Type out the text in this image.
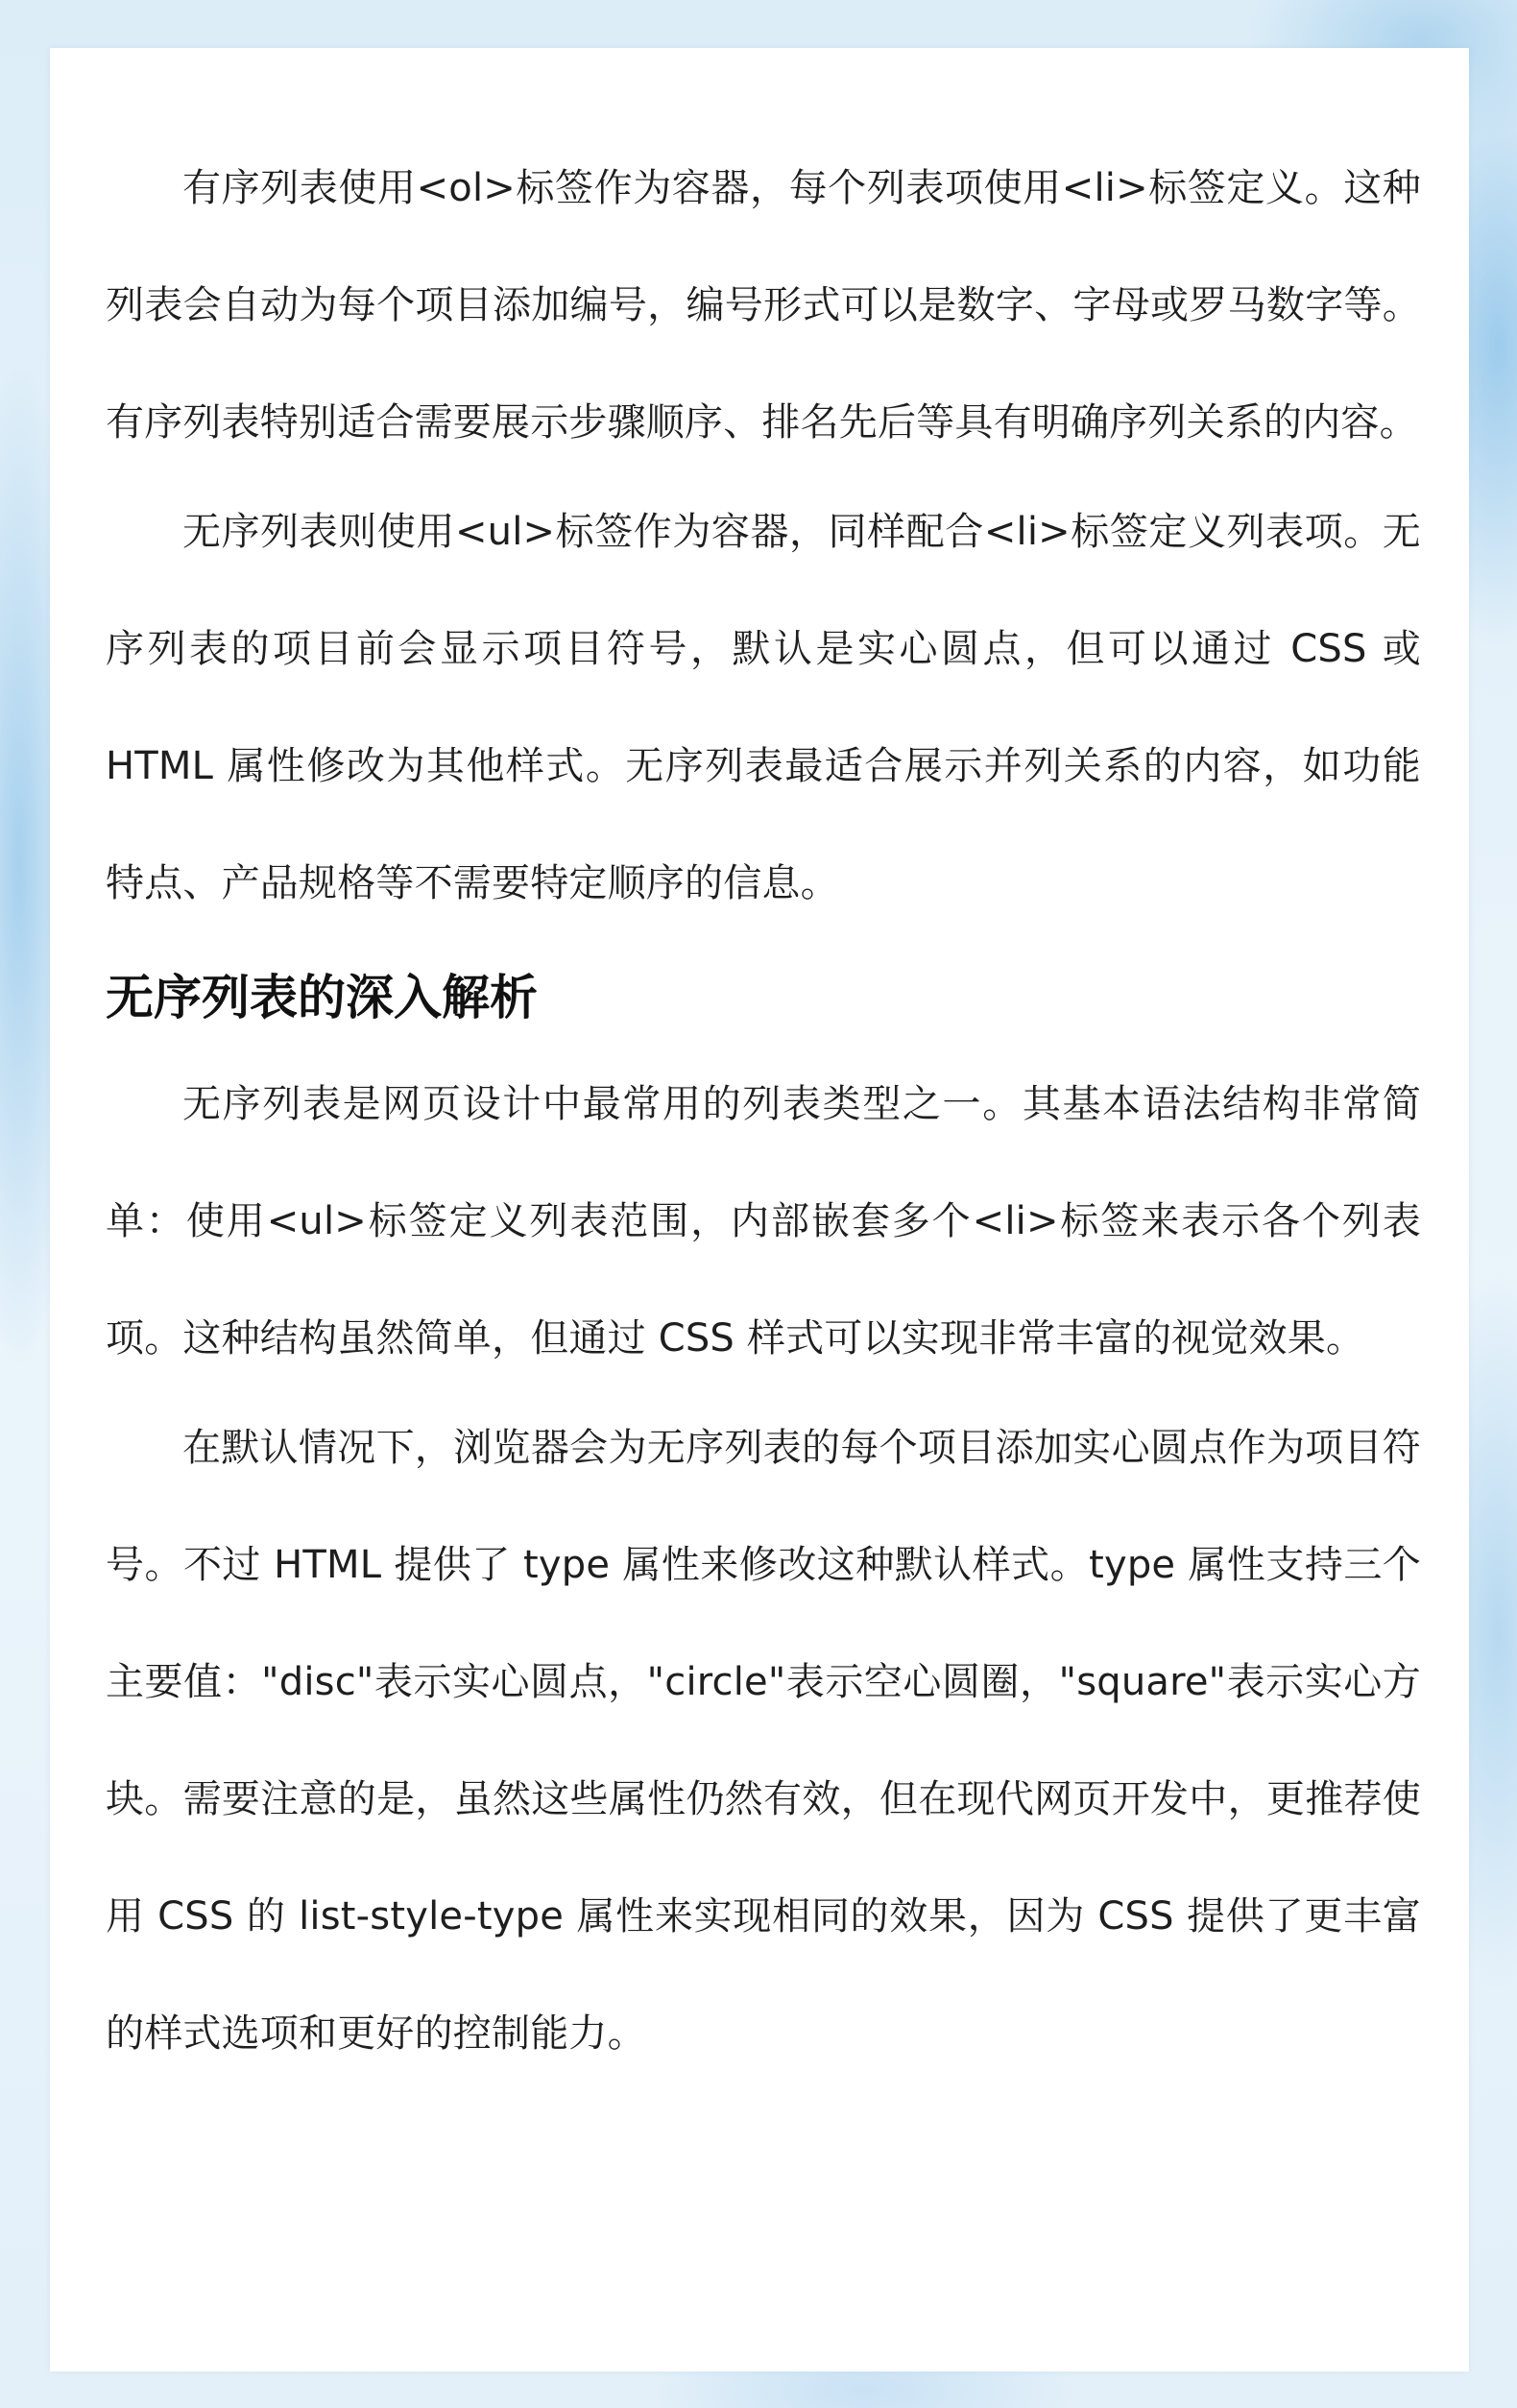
有序列表使用<ol>标签作为容器，每个列表项使用<li>标签定义。这种列表会自动为每个项目添加编号，编号形式可以是数字、字母或罗马数字等。有序列表特别适合需要展示步骤顺序、排名先后等具有明确序列关系的内容。

无序列表则使用<ul>标签作为容器，同样配合<li>标签定义列表项。无序列表的项目前会显示项目符号，默认是实心圆点，但可以通过 CSS 或 HTML 属性修改为其他样式。无序列表最适合展示并列关系的内容，如功能特点、产品规格等不需要特定顺序的信息。

无序列表的深入解析

无序列表是网页设计中最常用的列表类型之一。其基本语法结构非常简单：使用<ul>标签定义列表范围，内部嵌套多个<li>标签来表示各个列表项。这种结构虽然简单，但通过 CSS 样式可以实现非常丰富的视觉效果。

在默认情况下，浏览器会为无序列表的每个项目添加实心圆点作为项目符号。不过 HTML 提供了 type 属性来修改这种默认样式。type 属性支持三个主要值："disc"表示实心圆点，"circle"表示空心圆圈，"square"表示实心方块。需要注意的是，虽然这些属性仍然有效，但在现代网页开发中，更推荐使用 CSS 的 list-style-type 属性来实现相同的效果，因为 CSS 提供了更丰富的样式选项和更好的控制能力。
